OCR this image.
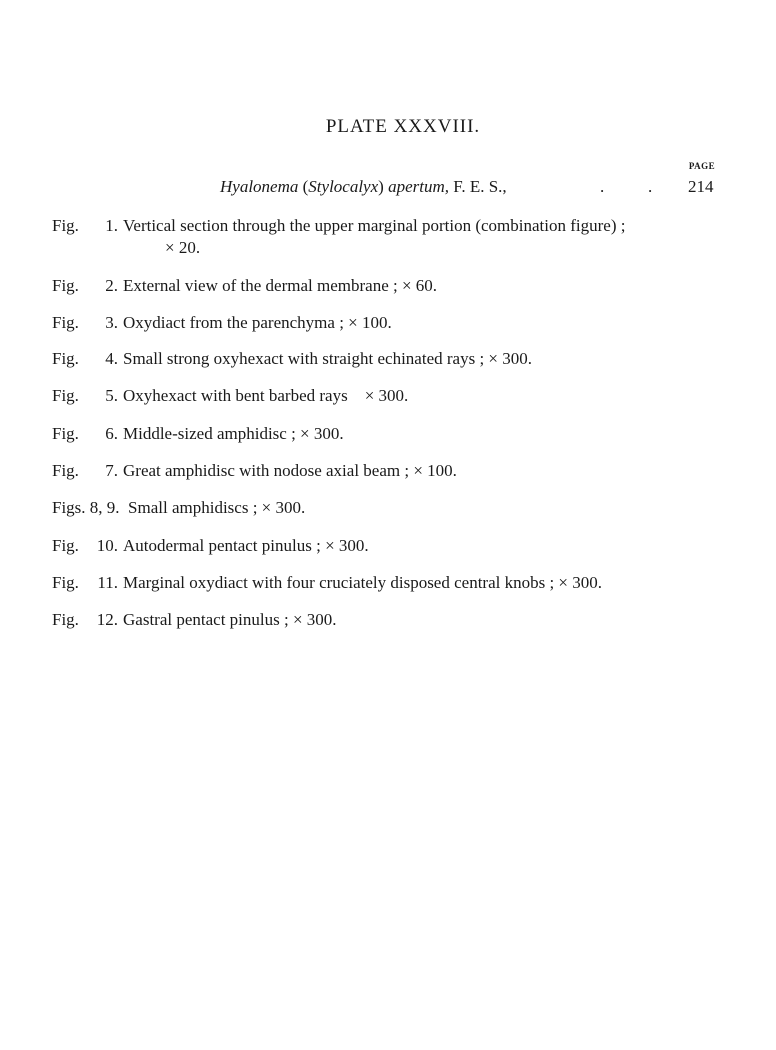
PLATE XXXVIII.
PAGE
Hyalonema (Stylocalyx) apertum, F. E. S.,	.	.	214
Fig. 1. Vertical section through the upper marginal portion (combination figure) ;
× 20.
Fig. 2. External view of the dermal membrane ; × 60.
Fig. 3. Oxydiact from the parenchyma ; × 100.
Fig. 4. Small strong oxyhexact with straight echinated rays ; × 300.
Fig. 5. Oxyhexact with bent barbed rays    × 300.
Fig. 6. Middle-sized amphidisc ; × 300.
Fig. 7. Great amphidisc with nodose axial beam ; × 100.
Figs. 8, 9. Small amphidiscs ; × 300.
Fig. 10. Autodermal pentact pinulus ; × 300.
Fig. 11. Marginal oxydiact with four cruciately disposed central knobs ; × 300.
Fig. 12. Gastral pentact pinulus ; × 300.
